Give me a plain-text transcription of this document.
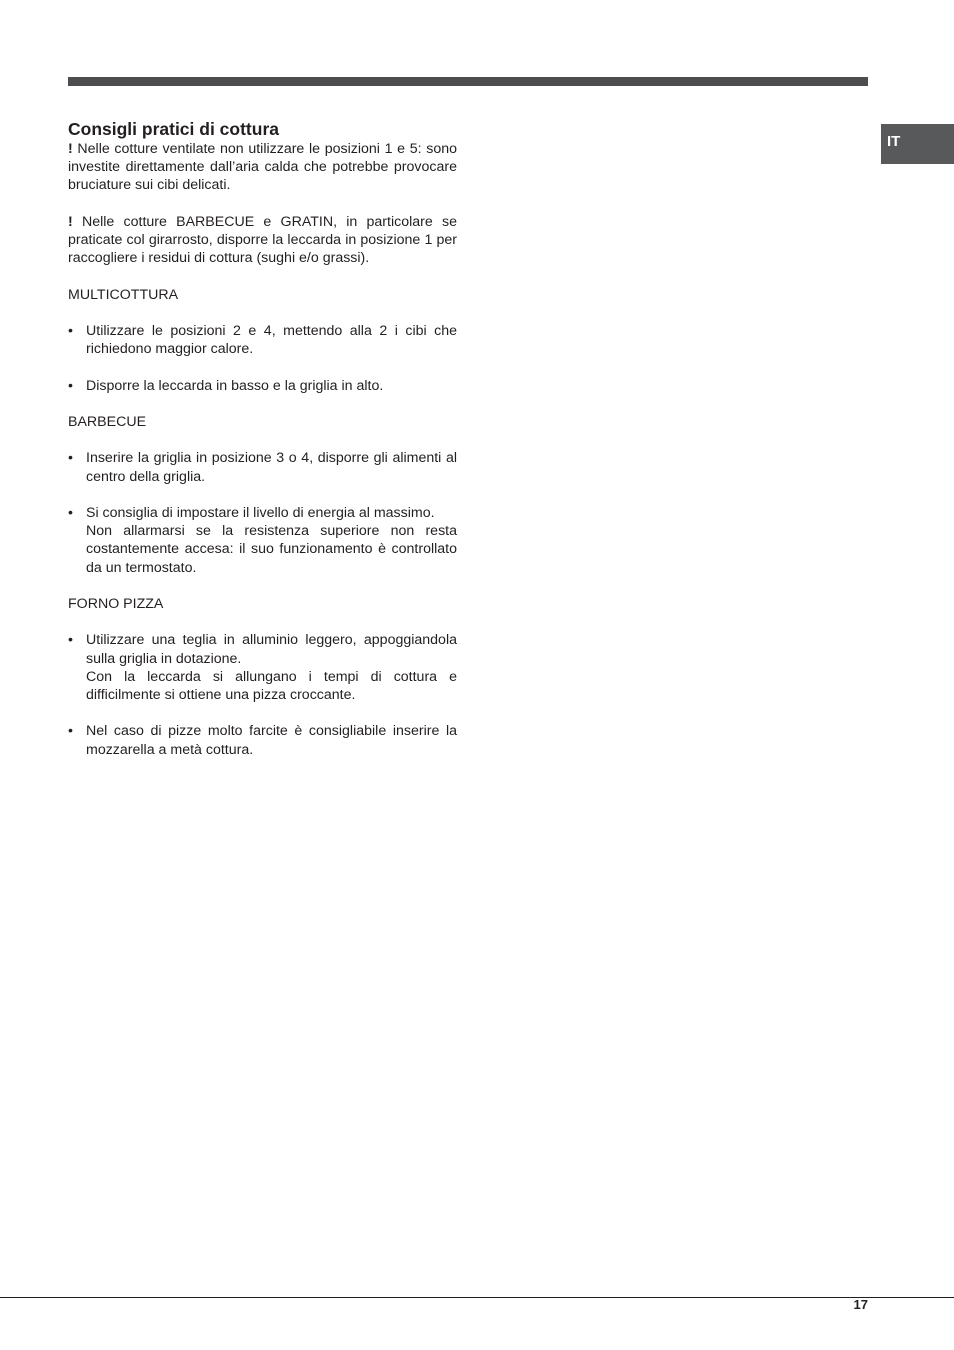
IT
Consigli pratici di cottura

! Nelle cotture ventilate non utilizzare le posizioni 1 e 5: sono investite direttamente dall’aria calda che potrebbe provocare bruciature sui cibi delicati.

! Nelle cotture BARBECUE e GRATIN, in particolare se praticate col girarrosto, disporre la leccarda in posizione 1 per raccogliere i residui di cottura (sughi e/o grassi).

MULTICOTTURA

• Utilizzare le posizioni 2 e 4, mettendo alla 2 i cibi che richiedono maggior calore.
• Disporre la leccarda in basso e la griglia in alto.

BARBECUE

• Inserire la griglia in posizione 3 o 4, disporre gli alimenti al centro della griglia.
• Si consiglia di impostare il livello di energia al massimo.
Non allarmarsi se la resistenza superiore non resta costantemente accesa: il suo funzionamento è controllato da un termostato.

FORNO PIZZA

• Utilizzare una teglia in alluminio leggero, appoggiandola sulla griglia in dotazione.
Con la leccarda si allungano i tempi di cottura e difficilmente si ottiene una pizza croccante.
• Nel caso di pizze molto farcite è consigliabile inserire la mozzarella a metà cottura.
17
